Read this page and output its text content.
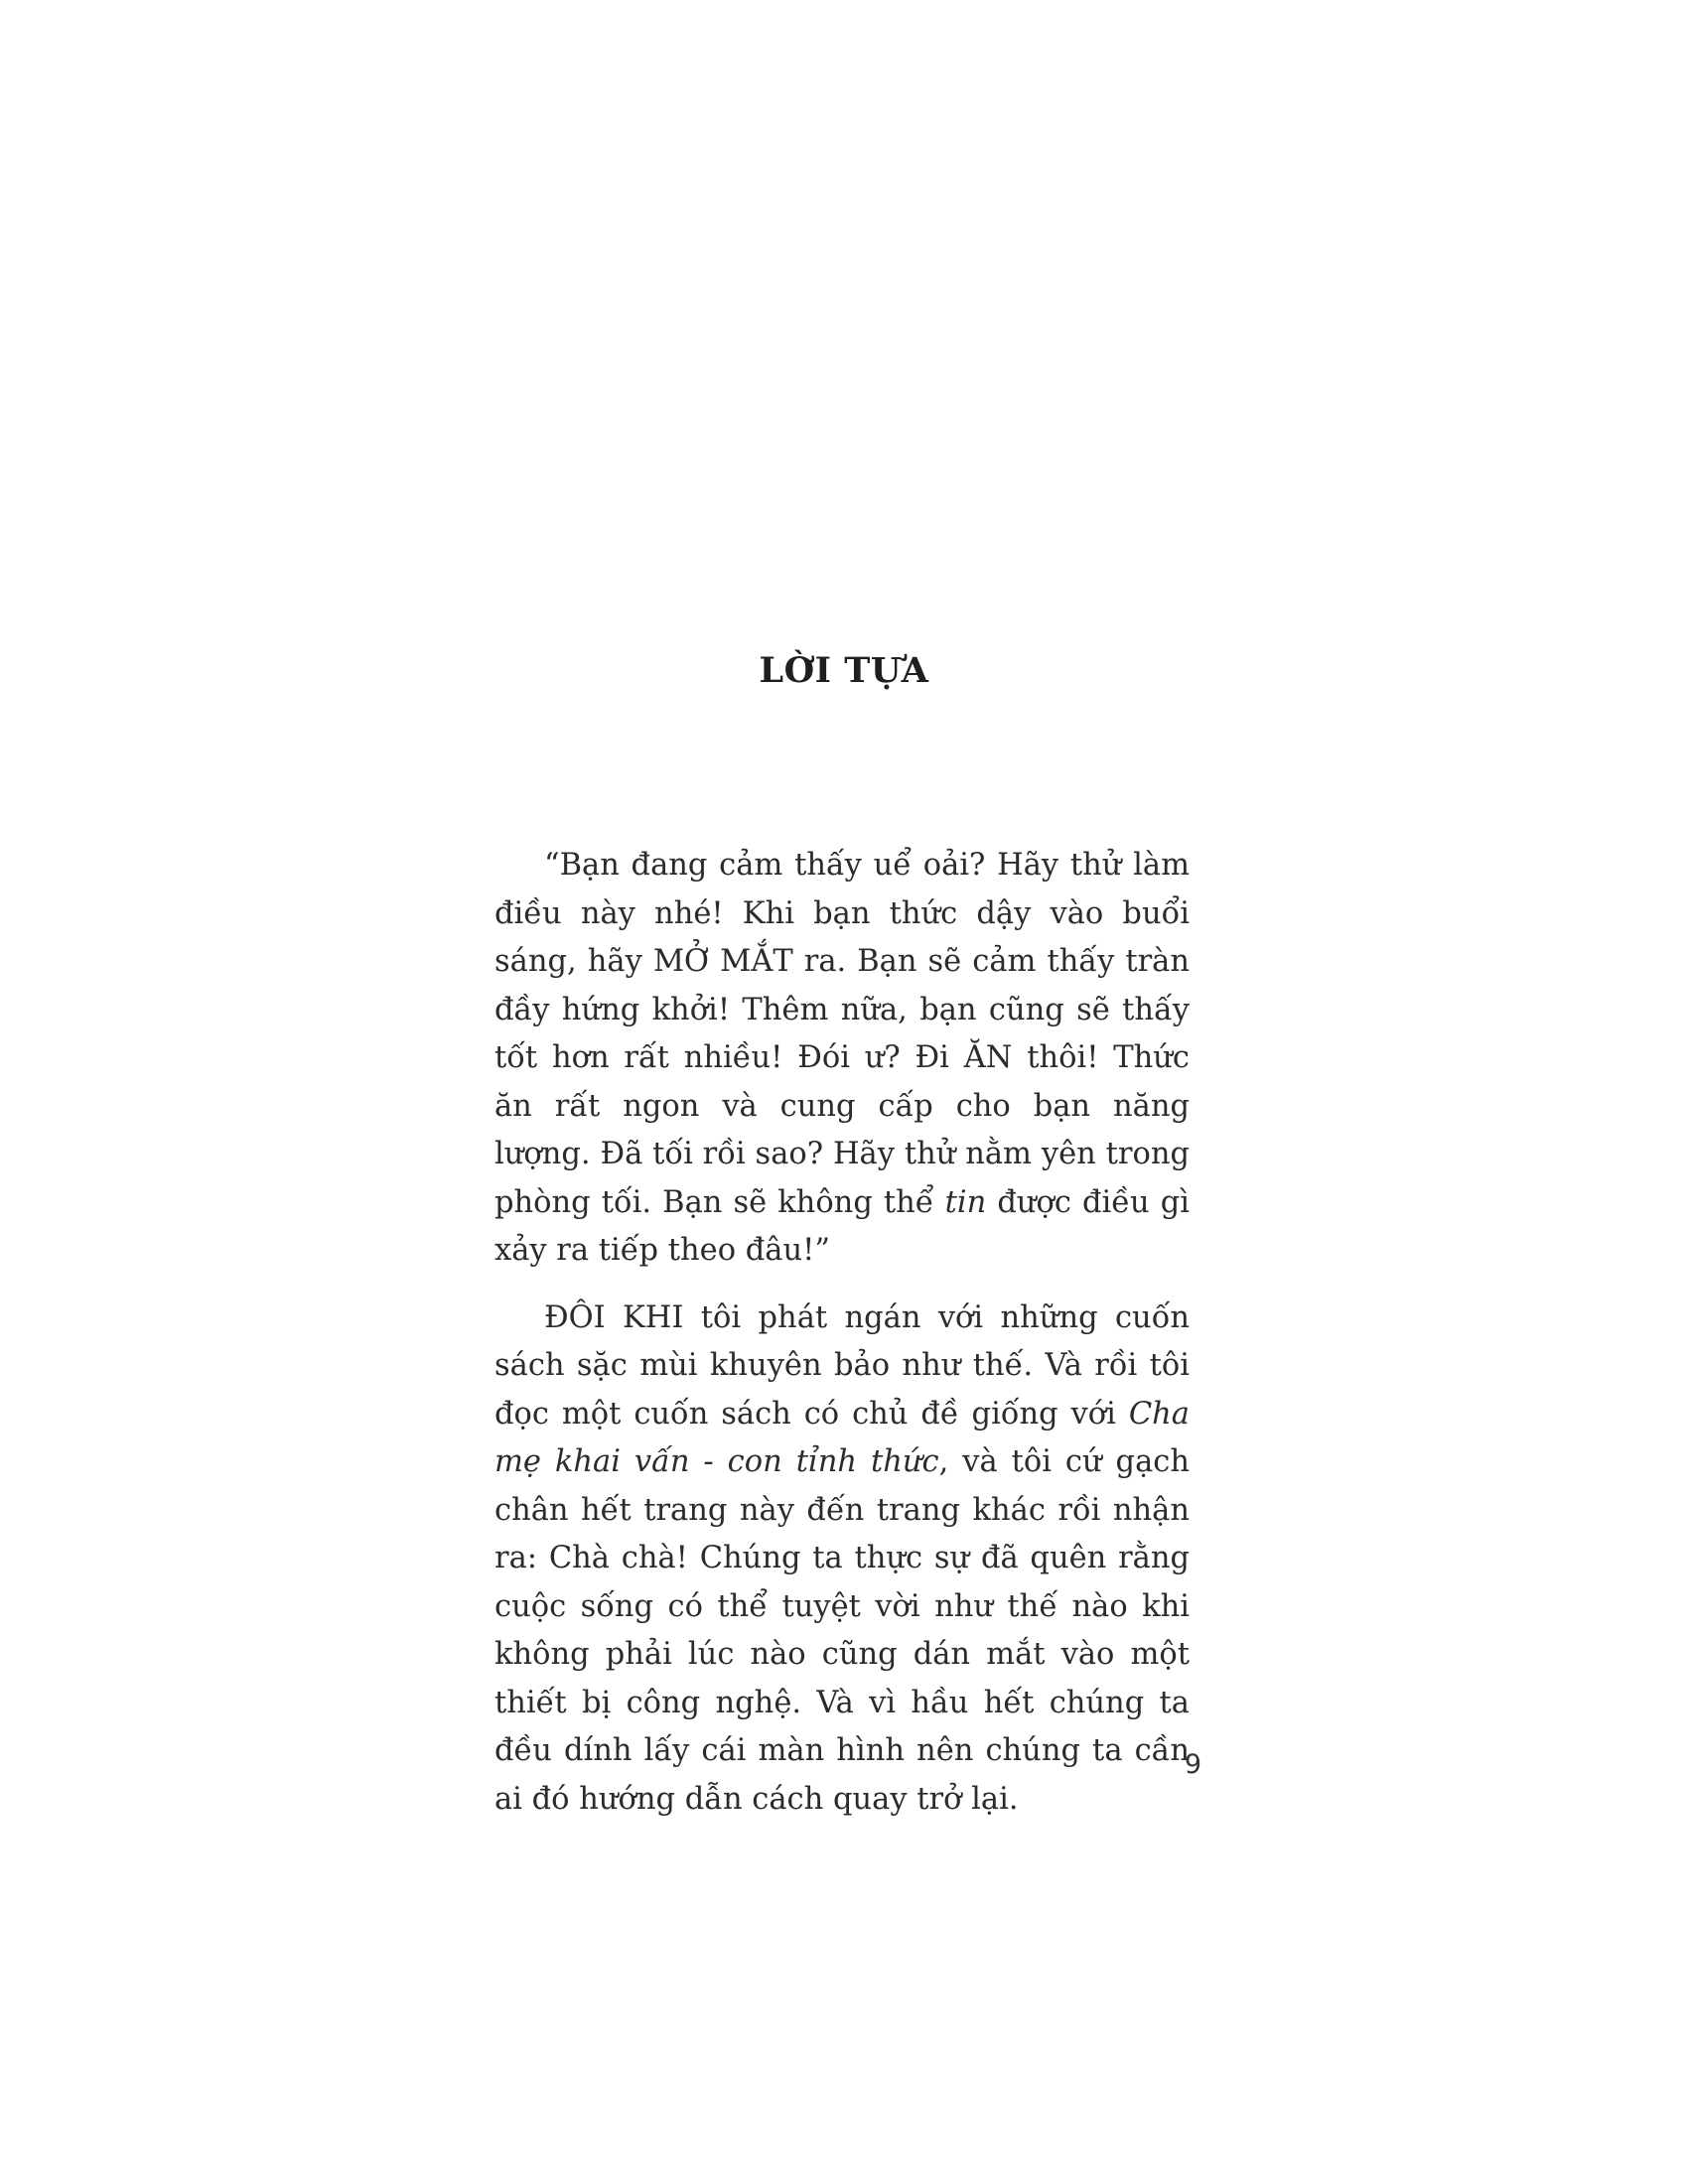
LỜI TỰA

“Bạn đang cảm thấy uể oải? Hãy thử làm điều này nhé! Khi bạn thức dậy vào buổi sáng, hãy MỞ MẮT ra. Bạn sẽ cảm thấy tràn đầy hứng khởi! Thêm nữa, bạn cũng sẽ thấy tốt hơn rất nhiều! Đói ư? Đi ĂN thôi! Thức ăn rất ngon và cung cấp cho bạn năng lượng. Đã tối rồi sao? Hãy thử nằm yên trong phòng tối. Bạn sẽ không thể tin được điều gì xảy ra tiếp theo đâu!”

ĐÔI KHI tôi phát ngán với những cuốn sách sặc mùi khuyên bảo như thế. Và rồi tôi đọc một cuốn sách có chủ đề giống với Cha mẹ khai vấn - con tỉnh thức, và tôi cứ gạch chân hết trang này đến trang khác rồi nhận ra: Chà chà! Chúng ta thực sự đã quên rằng cuộc sống có thể tuyệt vời như thế nào khi không phải lúc nào cũng dán mắt vào một thiết bị công nghệ. Và vì hầu hết chúng ta đều dính lấy cái màn hình nên chúng ta cần ai đó hướng dẫn cách quay trở lại.

9
